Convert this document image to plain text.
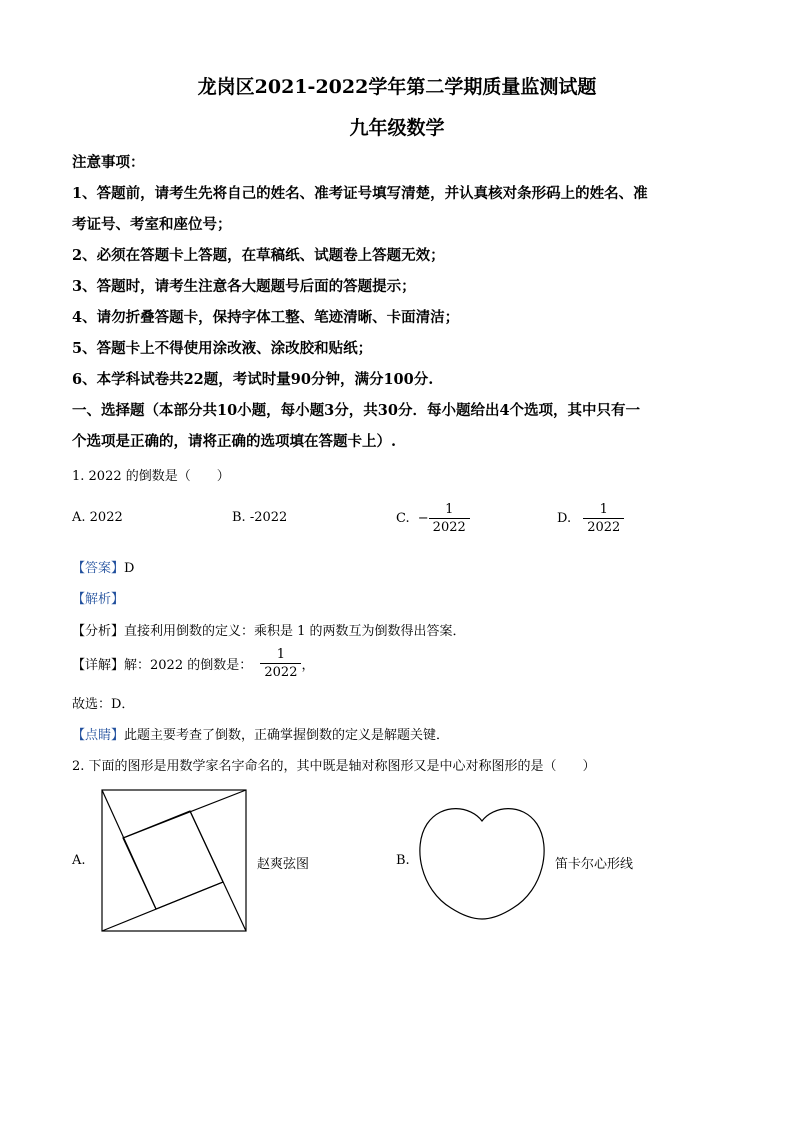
龙岗区2021-2022学年第二学期质量监测试题
九年级数学
注意事项：
1、答题前，请考生先将自己的姓名、准考证号填写清楚，并认真核对条形码上的姓名、准
考证号、考室和座位号；
2、必须在答题卡上答题，在草稿纸、试题卷上答题无效；
3、答题时，请考生注意各大题题号后面的答题提示；
4、请勿折叠答题卡，保持字体工整、笔迹清晰、卡面清洁；
5、答题卡上不得使用涂改液、涂改胶和贴纸；
6、本学科试卷共22题，考试时量90分钟，满分100分.
一、选择题（本部分共10小题，每小题3分，共30分．每小题给出4个选项，其中只有一
个选项是正确的，请将正确的选项填在答题卡上）.
1. 2022 的倒数是（　　）
A. 2022	B. -2022	C. − $\frac{1}{2022}$	D. $\frac{1}{2022}$
【答案】D
【解析】
【分析】直接利用倒数的定义：乘积是 1 的两数互为倒数得出答案．
【详解】解：2022 的倒数是： $\frac{1}{2022}$ ，
故选：D．
【点睛】此题主要考查了倒数，正确掌握倒数的定义是解题关键．
2. 下面的图形是用数学家名字命名的，其中既是轴对称图形又是中心对称图形的是（　　）
A.	赵爽弦图	B.	笛卡尔心形线
